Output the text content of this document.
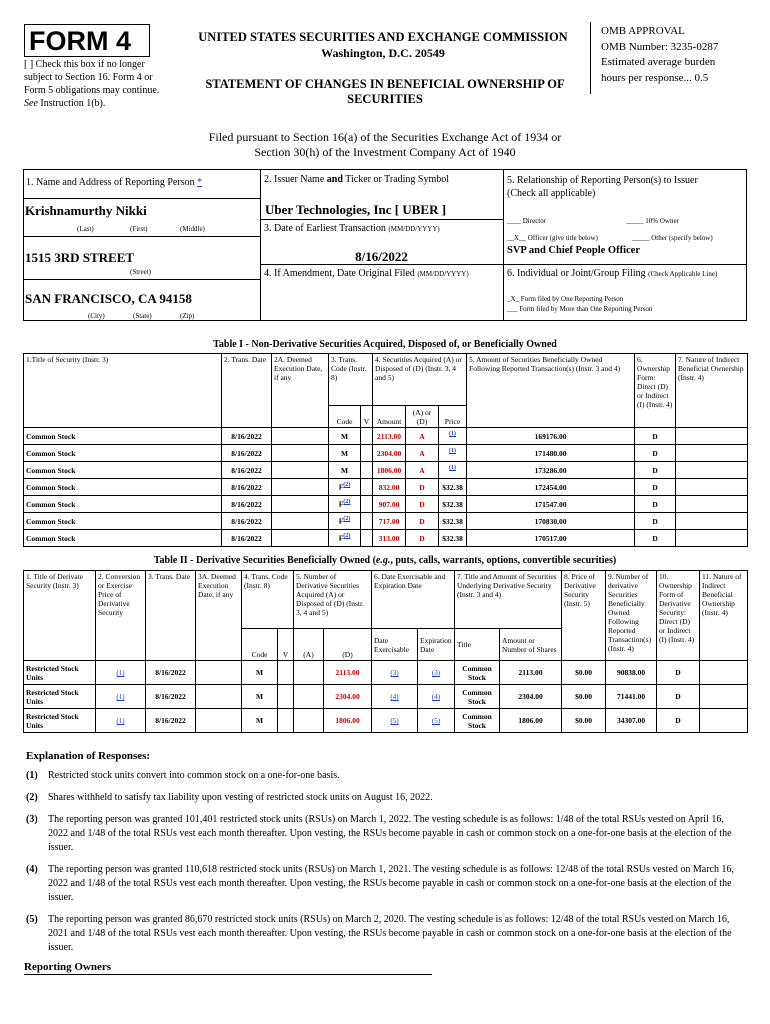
FORM 4
[ ] Check this box if no longer subject to Section 16. Form 4 or Form 5 obligations may continue. See Instruction 1(b).
UNITED STATES SECURITIES AND EXCHANGE COMMISSION
Washington, D.C. 20549
STATEMENT OF CHANGES IN BENEFICIAL OWNERSHIP OF SECURITIES
OMB APPROVAL
OMB Number: 3235-0287
Estimated average burden
hours per response... 0.5
Filed pursuant to Section 16(a) of the Securities Exchange Act of 1934 or
Section 30(h) of the Investment Company Act of 1940
1. Name and Address of Reporting Person *
Krishnamurthy Nikki
(Last)	(First)	(Middle)
1515 3RD STREET
(Street)
SAN FRANCISCO, CA 94158
(City)	(State)	(Zip)
2. Issuer Name and Ticker or Trading Symbol
Uber Technologies, Inc [ UBER ]
3. Date of Earliest Transaction (MM/DD/YYYY)
8/16/2022
4. If Amendment, Date Original Filed (MM/DD/YYYY)
5. Relationship of Reporting Person(s) to Issuer
(Check all applicable)
____ Director	_____ 10% Owner
__X__ Officer (give title below)	_____ Other (specify below)
SVP and Chief People Officer
6. Individual or Joint/Group Filing (Check Applicable Line)
_X_ Form filed by One Reporting Person
___ Form filed by More than One Reporting Person
Table I - Non-Derivative Securities Acquired, Disposed of, or Beneficially Owned
1.Title of Security (Instr. 3)	2. Trans. Date	2A. Deemed Execution Date, if any	3. Trans. Code (Instr. 8)		4. Securities Acquired (A) or Disposed of (D) (Instr. 3, 4 and 5)			5. Amount of Securities Beneficially Owned Following Reported Transaction(s) (Instr. 3 and 4)	6. Ownership Form: Direct (D) or Indirect (I) (Instr. 4)	7. Nature of Indirect Beneficial Ownership (Instr. 4)
			Code	V	Amount	(A) or (D)	Price			
Common Stock	8/16/2022		M		2113.00	A	$^{(1)}$	169176.00	D	
Common Stock	8/16/2022		M		2304.00	A	$^{(1)}$	171480.00	D	
Common Stock	8/16/2022		M		1806.00	A	$^{(1)}$	173286.00	D	
Common Stock	8/16/2022		$F^{(2)}$		832.00	D	$32.38	172454.00	D	
Common Stock	8/16/2022		$F^{(2)}$		907.00	D	$32.38	171547.00	D	
Common Stock	8/16/2022		$F^{(2)}$		717.00	D	$32.38	170830.00	D	
Common Stock	8/16/2022		$F^{(2)}$		313.00	D	$32.38	170517.00	D	
Table II - Derivative Securities Beneficially Owned (e.g., puts, calls, warrants, options, convertible securities)
1. Title of Derivate Security (Instr. 3)	2. Conversion or Exercise Price of Derivative Security	3. Trans. Date	3A. Deemed Execution Date, if any	4. Trans. Code (Instr. 8)		5. Number of Derivative Securities Acquired (A) or Disposed of (D) (Instr. 3, 4 and 5)		6. Date Exercisable and Expiration Date		7. Title and Amount of Securities Underlying Derivative Security (Instr. 3 and 4)		8. Price of Derivative Security (Instr. 5)	9. Number of derivative Securities Beneficially Owned Following Reported Transaction(s) (Instr. 4)	10. Ownership Form of Derivative Security: Direct (D) or Indirect (I) (Instr. 4)	11. Nature of Indirect Beneficial Ownership (Instr. 4)
				Code	V	(A)	(D)	Date Exercisable	Expiration Date	Title	Amount or Number of Shares				
Restricted Stock Units	(1)	8/16/2022		M			2113.00	(3)	(3)	Common Stock	2113.00	$0.00	90838.00	D	
Restricted Stock Units	(1)	8/16/2022		M			2304.00	(4)	(4)	Common Stock	2304.00	$0.00	71441.00	D	
Restricted Stock Units	(1)	8/16/2022		M			1806.00	(5)	(5)	Common Stock	1806.00	$0.00	34307.00	D	
Explanation of Responses:

(1)	Restricted stock units convert into common stock on a one-for-one basis.

(2)	Shares withheld to satisfy tax liability upon vesting of restricted stock units on August 16, 2022.

(3)	The reporting person was granted 101,401 restricted stock units (RSUs) on March 1, 2022. The vesting schedule is as follows: 1/48 of the total RSUs vested on April 16, 2022 and 1/48 of the total RSUs vest each month thereafter. Upon vesting, the RSUs become payable in cash or common stock on a one-for-one basis at the election of the issuer.

(4)	The reporting person was granted 110,618 restricted stock units (RSUs) on March 1, 2021. The vesting schedule is as follows: 12/48 of the total RSUs vested on March 16, 2022 and 1/48 of the total RSUs vest each month thereafter. Upon vesting, the RSUs become payable in cash or common stock on a one-for-one basis at the election of the issuer.

(5)	The reporting person was granted 86,670 restricted stock units (RSUs) on March 2, 2020. The vesting schedule is as follows: 12/48 of the total RSUs vested on March 16, 2021 and 1/48 of the total RSUs vest each month thereafter. Upon vesting, the RSUs become payable in cash or common stock on a one-for-one basis at the election of the issuer.

Reporting Owners
